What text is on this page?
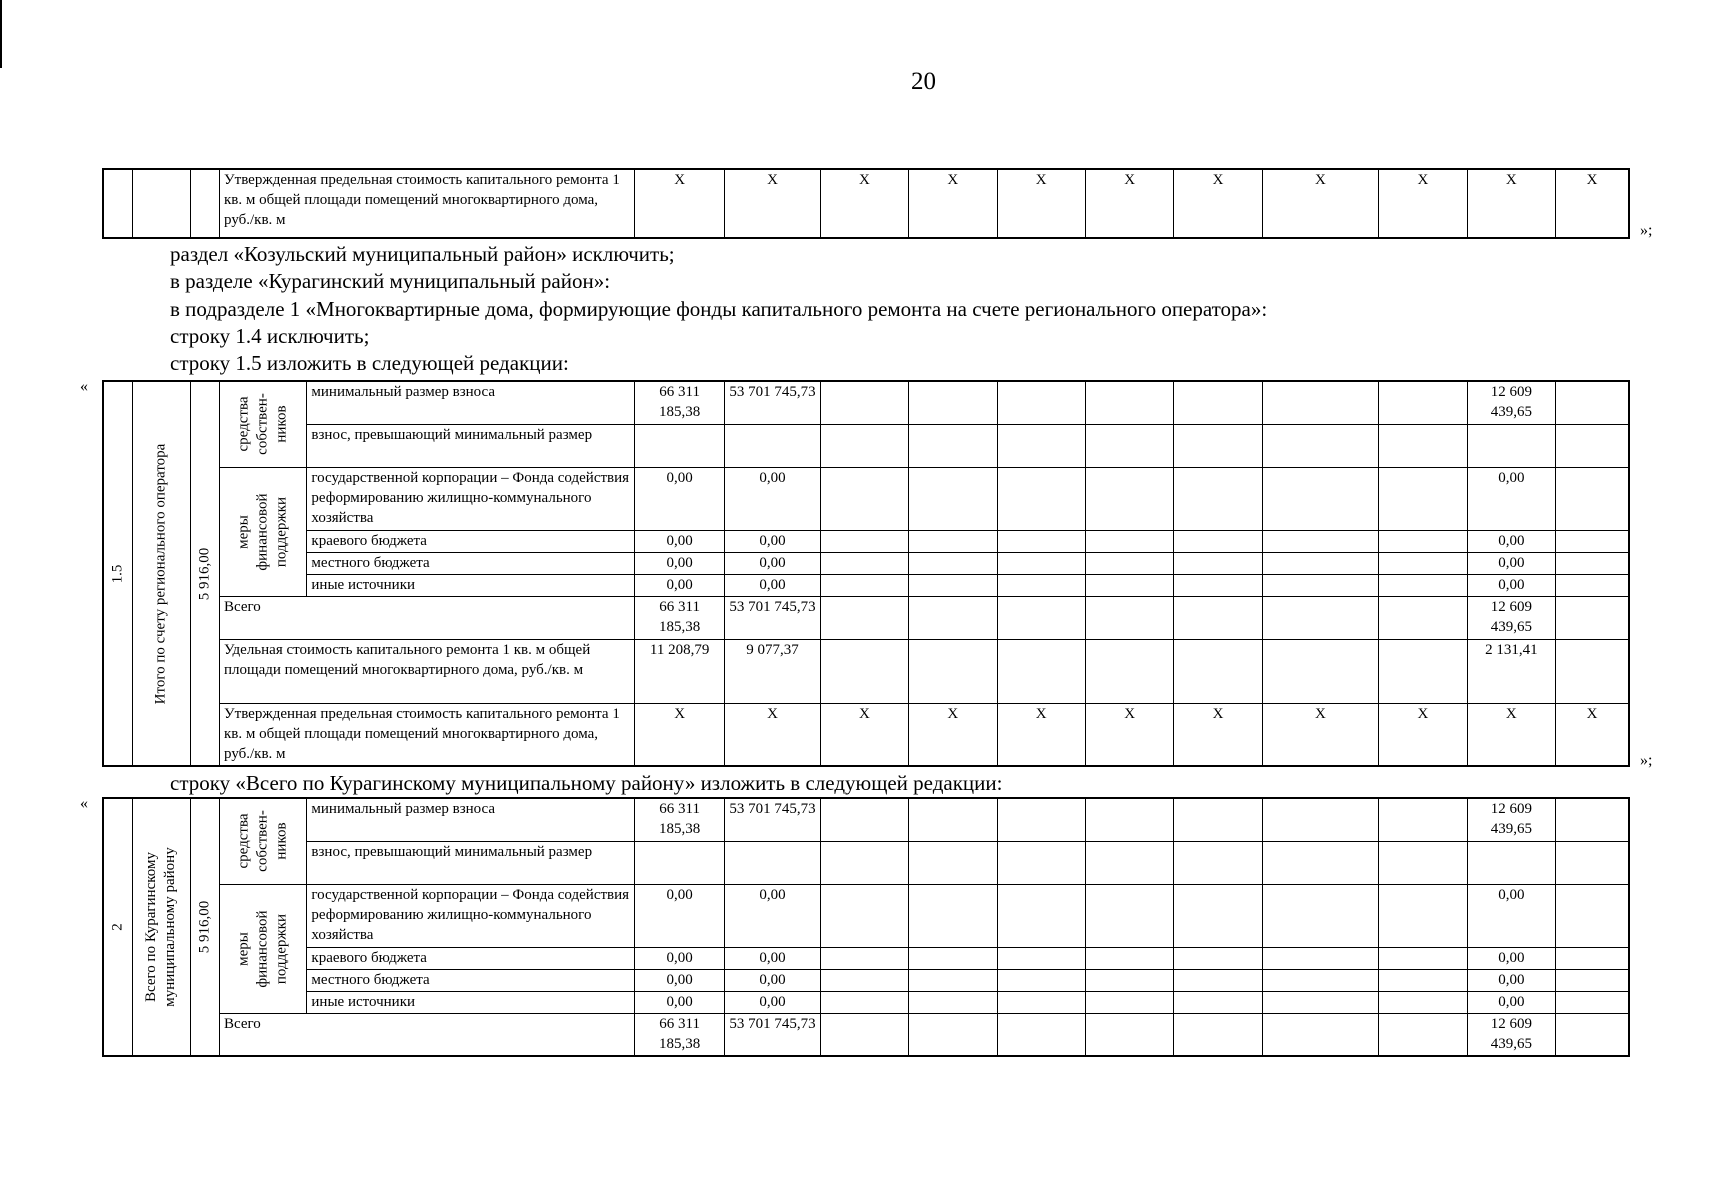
20
			Утвержденная предельная стоимость капитального ремонта 1 кв. м общей площади помещений многоквартирного дома, руб./кв. м	X	X	X	X	X	X	X	X	X	X	X
»;
раздел «Козульский муниципальный район» исключить;
в разделе «Курагинский муниципальный район»:
в подразделе 1 «Многоквартирные дома, формирующие фонды капитального ремонта на счете регионального оператора»:
строку 1.4 исключить;
строку 1.5 изложить в следующей редакции:
«
1.5	Итого по счету регионального оператора	5 916,00	средства собствен-ников	минимальный размер взноса	66 311 185,38	53 701 745,73								12 609 439,65	
				взнос, превышающий минимальный размер											

			меры финансовой поддержки	государственной корпорации – Фонда содействия реформированию жилищно-коммунального хозяйства	0,00	0,00								0,00	
				краевого бюджета	0,00	0,00								0,00	
				местного бюджета	0,00	0,00								0,00	
				иные источники	0,00	0,00								0,00	
			Всего		66 311 185,38	53 701 745,73								12 609 439,65	
			Удельная стоимость капитального ремонта 1 кв. м общей площади помещений многоквартирного дома, руб./кв. м		11 208,79	9 077,37								2 131,41	
			Утвержденная предельная стоимость капитального ремонта 1 кв. м общей площади помещений многоквартирного дома, руб./кв. м		X	X	X	X	X	X	X	X	X	X	X
»;
строку «Всего по Курагинскому муниципальному району» изложить в следующей редакции:
«
2	Всего по Курагинскому муниципальному району	5 916,00	средства собствен-ников	минимальный размер взноса	66 311 185,38	53 701 745,73								12 609 439,65	
				взнос, превышающий минимальный размер											

			меры финансовой поддержки	государственной корпорации – Фонда содействия реформированию жилищно-коммунального хозяйства	0,00	0,00								0,00	
				краевого бюджета	0,00	0,00								0,00	
				местного бюджета	0,00	0,00								0,00	
				иные источники	0,00	0,00								0,00	
			Всего		66 311 185,38	53 701 745,73								12 609 439,65	
